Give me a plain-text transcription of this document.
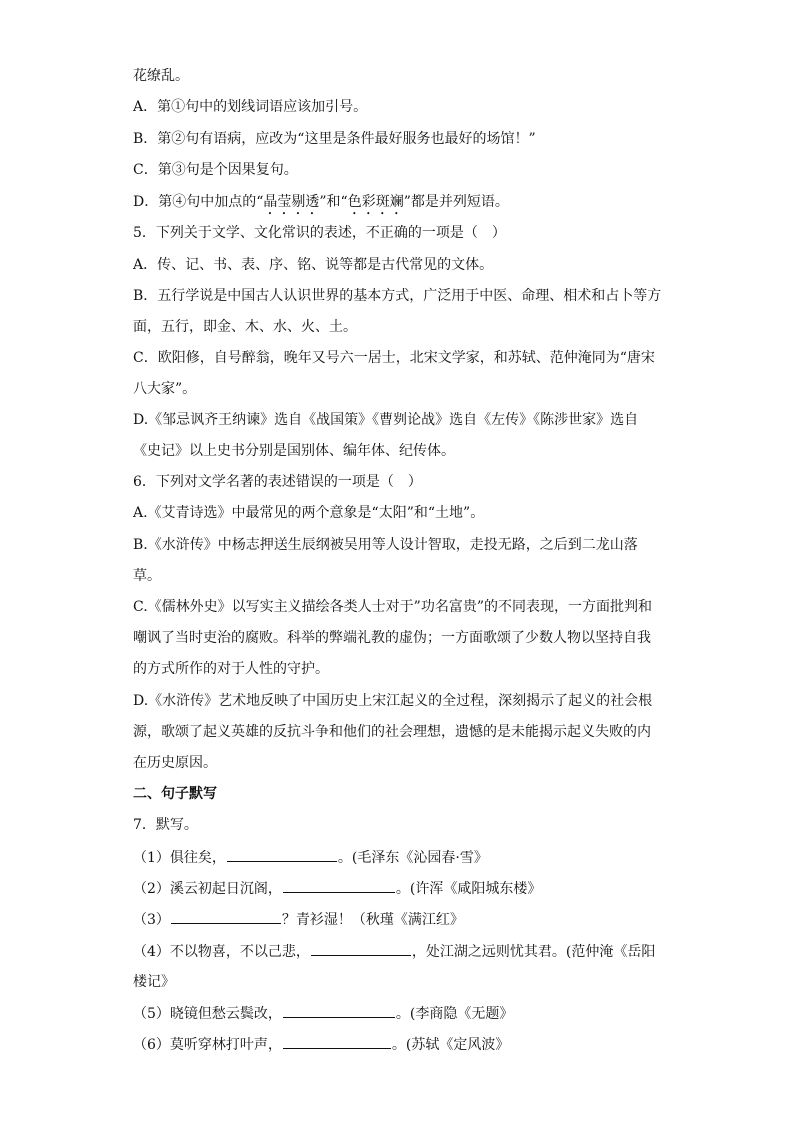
花缭乱。
A．第①句中的划线词语应该加引号。
B．第②句有语病，应改为“这里是条件最好服务也最好的场馆！”
C．第③句是个因果复句。
D．第④句中加点的“晶莹剔透”和“色彩斑斓”都是并列短语。
5．下列关于文学、文化常识的表述，不正确的一项是（　）
A．传、记、书、表、序、铭、说等都是古代常见的文体。
B．五行学说是中国古人认识世界的基本方式，广泛用于中医、命理、相术和占卜等方
面，五行，即金、木、水、火、土。
C．欧阳修，自号醉翁，晚年又号六一居士，北宋文学家，和苏轼、范仲淹同为“唐宋
八大家”。
D.《邹忌讽齐王纳谏》选自《战国策》《曹刿论战》选自《左传》《陈涉世家》选自
《史记》以上史书分别是国别体、编年体、纪传体。
6．下列对文学名著的表述错误的一项是（　）
A.《艾青诗选》中最常见的两个意象是“太阳”和“土地”。
B.《水浒传》中杨志押送生辰纲被吴用等人设计智取，走投无路，之后到二龙山落
草。
C.《儒林外史》以写实主义描绘各类人士对于”功名富贵”的不同表现，一方面批判和
嘲讽了当时吏治的腐败。科举的弊端礼教的虚伪；一方面歌颂了少数人物以坚持自我
的方式所作的对于人性的守护。
D.《水浒传》艺术地反映了中国历史上宋江起义的全过程，深刻揭示了起义的社会根
源，歌颂了起义英雄的反抗斗争和他们的社会理想，遗憾的是未能揭示起义失败的内
在历史原因。
二、句子默写
7．默写。
（1）俱往矣，	。(毛泽东《沁园春·雪》
（2）溪云初起日沉阁，	。(许浑《咸阳城东楼》
（3）	？青衫湿！（秋瑾《满江红》
（4）不以物喜，不以己悲，	，处江湖之远则忧其君。(范仲淹《岳阳
楼记》
（5）晓镜但愁云鬓改，	。(李商隐《无题》
（6）莫听穿林打叶声，	。(苏轼《定风波》
